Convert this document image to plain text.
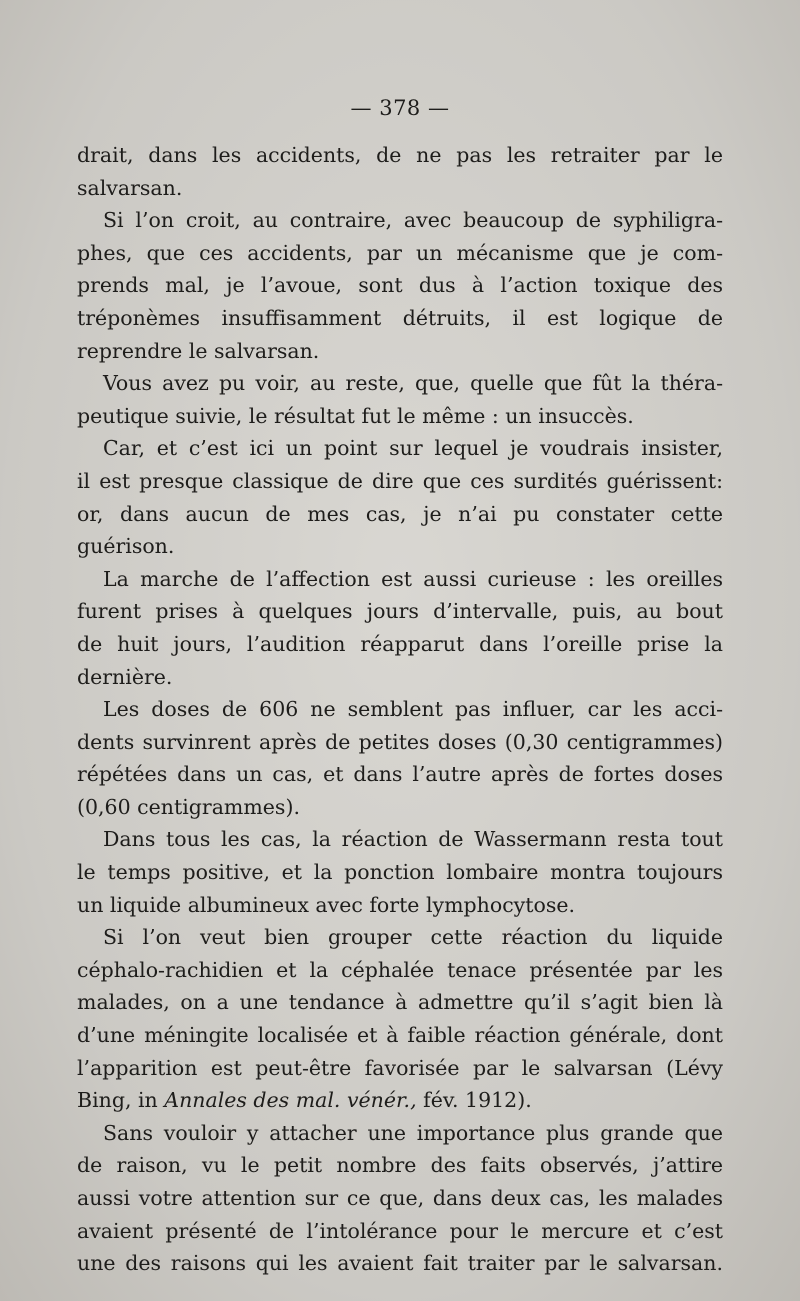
— 378 —
drait, dans les accidents, de ne pas les retraiter par le
salvarsan.
Si l’on croit, au contraire, avec beaucoup de syphiligra-
phes, que ces accidents, par un mécanisme que je com-
prends mal, je l’avoue, sont dus à l’action toxique des
tréponèmes insuffisamment détruits, il est logique de
reprendre le salvarsan.
Vous avez pu voir, au reste, que, quelle que fût la théra-
peutique suivie, le résultat fut le même : un insuccès.
Car, et c’est ici un point sur lequel je voudrais insister,
il est presque classique de dire que ces surdités guérissent:
or, dans aucun de mes cas, je n’ai pu constater cette
guérison.
La marche de l’affection est aussi curieuse : les oreilles
furent prises à quelques jours d’intervalle, puis, au bout
de huit jours, l’audition réapparut dans l’oreille prise la
dernière.
Les doses de 606 ne semblent pas influer, car les acci-
dents survinrent après de petites doses (0,30 centigrammes)
répétées dans un cas, et dans l’autre après de fortes doses
(0,60 centigrammes).
Dans tous les cas, la réaction de Wassermann resta tout
le temps positive, et la ponction lombaire montra toujours
un liquide albumineux avec forte lymphocytose.
Si l’on veut bien grouper cette réaction du liquide
céphalo-rachidien et la céphalée tenace présentée par les
malades, on a une tendance à admettre qu’il s’agit bien là
d’une méningite localisée et à faible réaction générale, dont
l’apparition est peut-être favorisée par le salvarsan (Lévy
Bing, in Annales des mal. vénér., fév. 1912).
Sans vouloir y attacher une importance plus grande que
de raison, vu le petit nombre des faits observés, j’attire
aussi votre attention sur ce que, dans deux cas, les malades
avaient présenté de l’intolérance pour le mercure et c’est
une des raisons qui les avaient fait traiter par le salvarsan.
